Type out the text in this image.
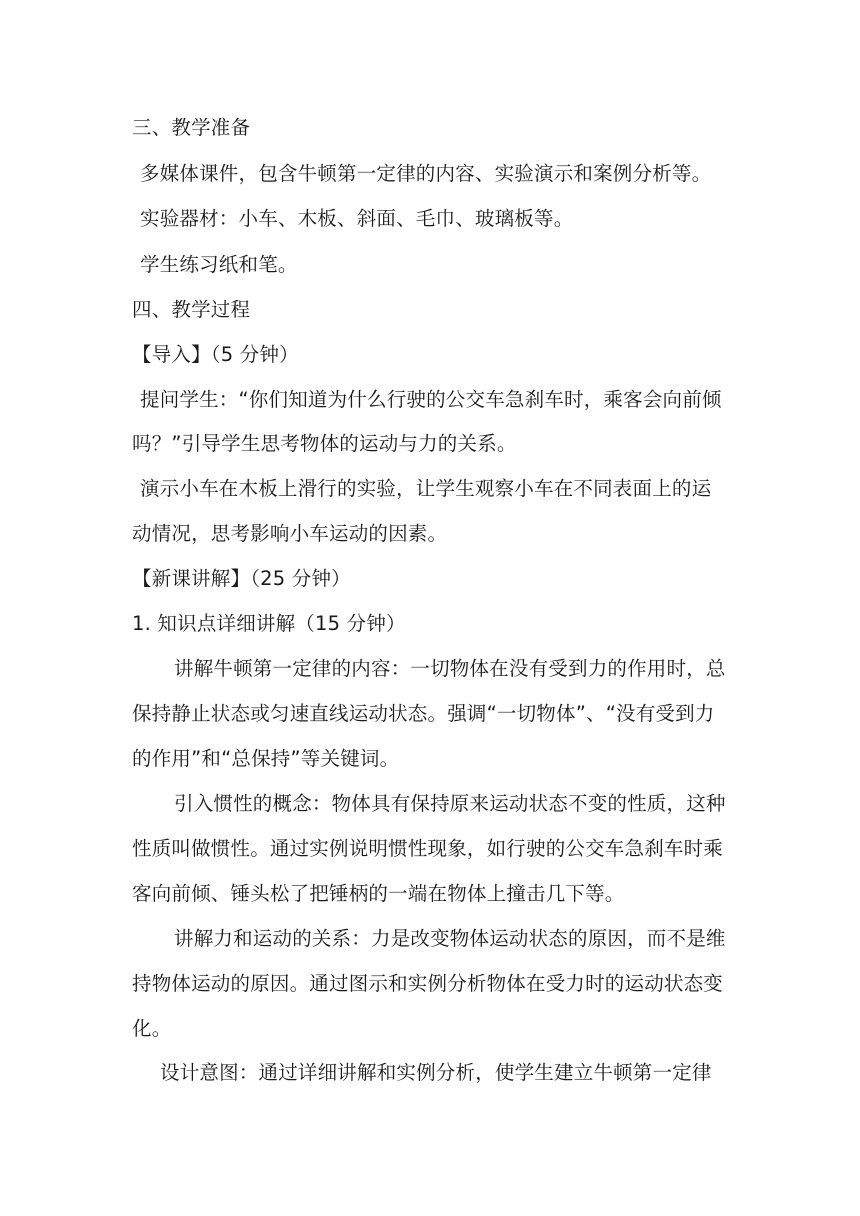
三、教学准备
多媒体课件，包含牛顿第一定律的内容、实验演示和案例分析等。
实验器材：小车、木板、斜面、毛巾、玻璃板等。
学生练习纸和笔。
四、教学过程
【导入】（5 分钟）
提问学生：“你们知道为什么行驶的公交车急刹车时，乘客会向前倾
吗？”引导学生思考物体的运动与力的关系。
演示小车在木板上滑行的实验，让学生观察小车在不同表面上的运
动情况，思考影响小车运动的因素。
【新课讲解】（25 分钟）
1. 知识点详细讲解（15 分钟）
讲解牛顿第一定律的内容：一切物体在没有受到力的作用时，总
保持静止状态或匀速直线运动状态。强调“一切物体”、“没有受到力
的作用”和“总保持”等关键词。
引入惯性的概念：物体具有保持原来运动状态不变的性质，这种
性质叫做惯性。通过实例说明惯性现象，如行驶的公交车急刹车时乘
客向前倾、锤头松了把锤柄的一端在物体上撞击几下等。
讲解力和运动的关系：力是改变物体运动状态的原因，而不是维
持物体运动的原因。通过图示和实例分析物体在受力时的运动状态变
化。
设计意图：通过详细讲解和实例分析，使学生建立牛顿第一定律
